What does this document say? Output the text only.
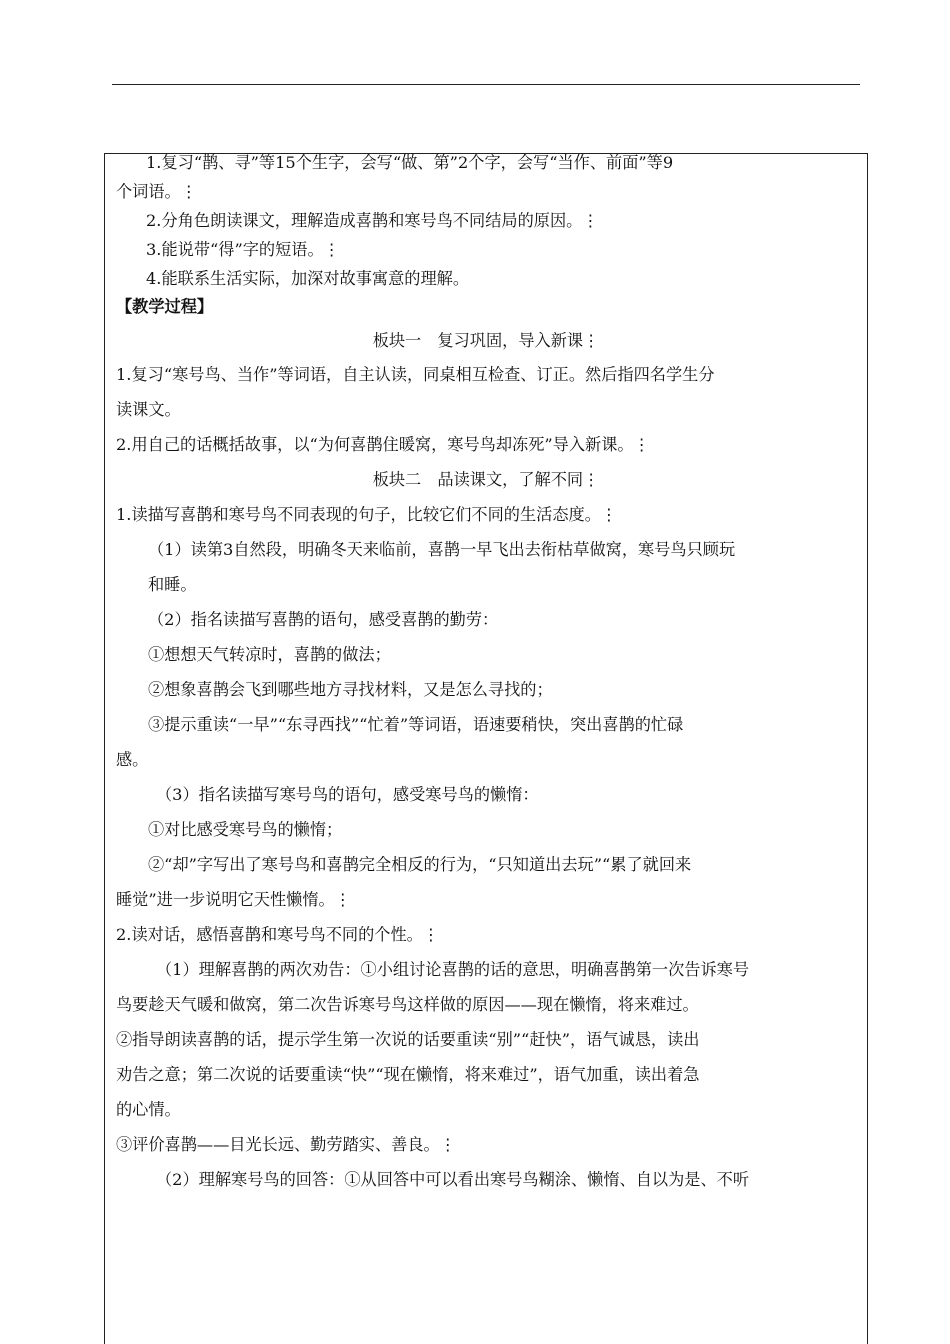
1.复习“鹊、寻”等15个生字，会写“做、第”2个字，会写“当作、前面”等9
个词语。⋮
2.分角色朗读课文，理解造成喜鹊和寒号鸟不同结局的原因。⋮
3.能说带“得”字的短语。⋮
4.能联系生活实际，加深对故事寓意的理解。
【教学过程】
板块一　复习巩固，导入新课⋮
1.复习“寒号鸟、当作”等词语，自主认读，同桌相互检查、订正。然后指四名学生分
读课文。
2.用自己的话概括故事，以“为何喜鹊住暖窝，寒号鸟却冻死”导入新课。⋮
板块二　品读课文，了解不同⋮
1.读描写喜鹊和寒号鸟不同表现的句子，比较它们不同的生活态度。⋮
（1）读第3自然段，明确冬天来临前，喜鹊一早飞出去衔枯草做窝，寒号鸟只顾玩
和睡。
（2）指名读描写喜鹊的语句，感受喜鹊的勤劳：
①想想天气转凉时，喜鹊的做法；
②想象喜鹊会飞到哪些地方寻找材料，又是怎么寻找的；
③提示重读“一早”“东寻西找”“忙着”等词语，语速要稍快，突出喜鹊的忙碌
感。
（3）指名读描写寒号鸟的语句，感受寒号鸟的懒惰：
①对比感受寒号鸟的懒惰；
②“却”字写出了寒号鸟和喜鹊完全相反的行为，“只知道出去玩”“累了就回来
睡觉”进一步说明它天性懒惰。⋮
2.读对话，感悟喜鹊和寒号鸟不同的个性。⋮
（1）理解喜鹊的两次劝告：①小组讨论喜鹊的话的意思，明确喜鹊第一次告诉寒号
鸟要趁天气暖和做窝，第二次告诉寒号鸟这样做的原因——现在懒惰，将来难过。
②指导朗读喜鹊的话，提示学生第一次说的话要重读“别”“赶快”，语气诚恳，读出
劝告之意；第二次说的话要重读“快”“现在懒惰，将来难过”，语气加重，读出着急
的心情。
③评价喜鹊——目光长远、勤劳踏实、善良。⋮
（2）理解寒号鸟的回答：①从回答中可以看出寒号鸟糊涂、懒惰、自以为是、不听
